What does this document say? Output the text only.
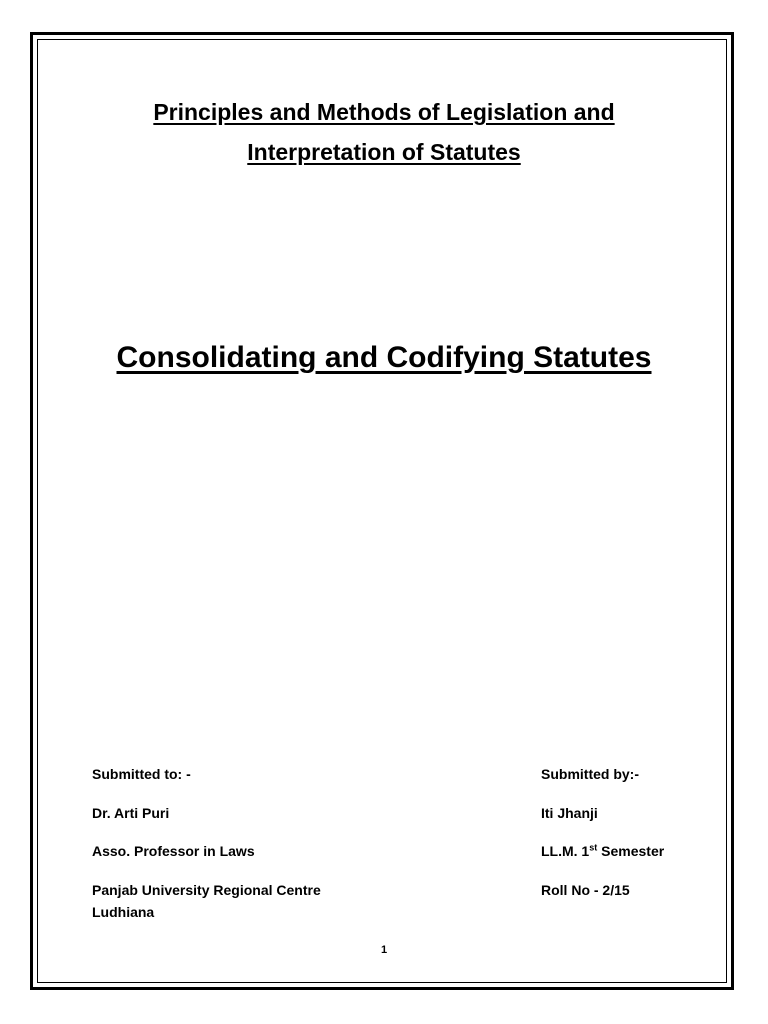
Principles and Methods of Legislation and
Interpretation of Statutes
Consolidating and Codifying Statutes
Submitted to: -
Dr. Arti Puri
Asso. Professor in Laws
Panjab University Regional Centre
Ludhiana
Submitted by:-
Iti Jhanji
LL.M. 1st Semester
Roll No - 2/15
1
